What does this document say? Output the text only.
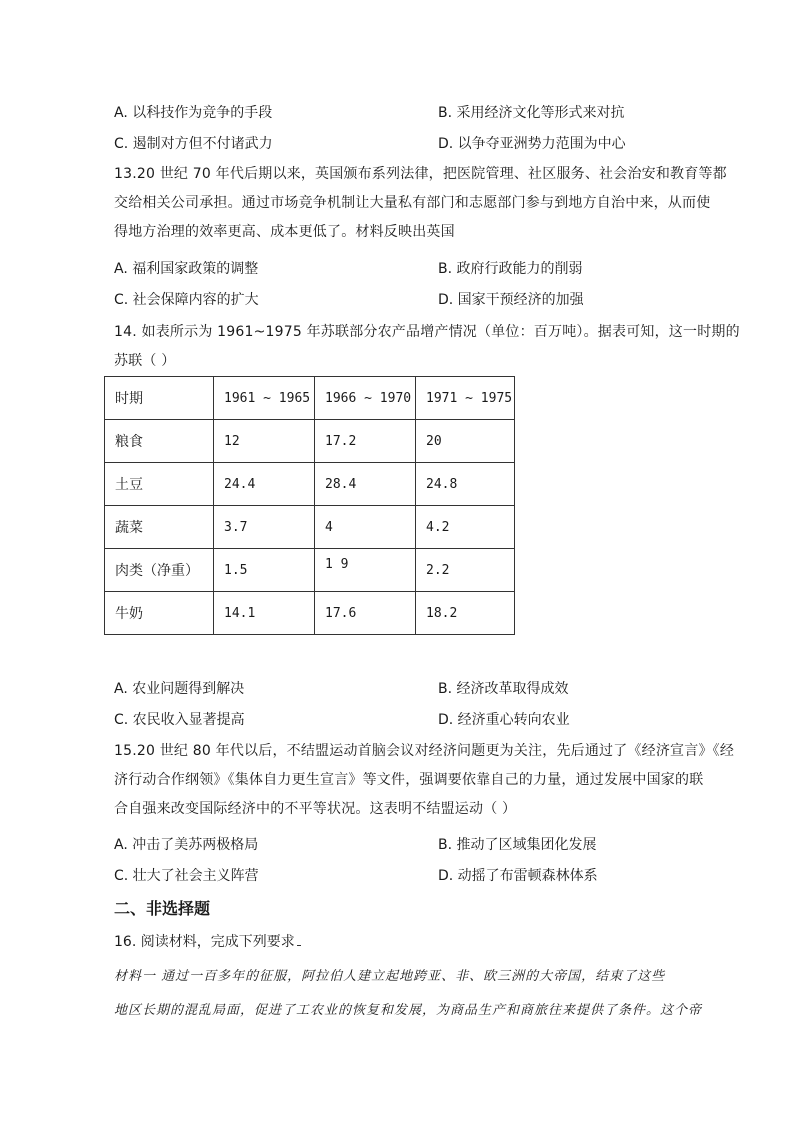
A. 以科技作为竞争的手段	B. 采用经济文化等形式来对抗
C. 遏制对方但不付诸武力	D. 以争夺亚洲势力范围为中心
13.20 世纪 70 年代后期以来，英国颁布系列法律，把医院管理、社区服务、社会治安和教育等都
交给相关公司承担。通过市场竞争机制让大量私有部门和志愿部门参与到地方自治中来，从而使
得地方治理的效率更高、成本更低了。材料反映出英国
A. 福利国家政策的调整	B. 政府行政能力的削弱
C. 社会保障内容的扩大	D. 国家干预经济的加强
14. 如表所示为 1961~1975 年苏联部分农产品增产情况（单位：百万吨）。据表可知，这一时期的
苏联（ ）
时期	1961 ~ 1965	1966 ~ 1970	1971 ~ 1975
粮食	12	17.2	20
土豆	24.4	28.4	24.8
蔬菜	3.7	4	4.2
肉类（净重）	1.5	1 9	2.2
牛奶	14.1	17.6	18.2
A. 农业问题得到解决	B. 经济改革取得成效
C. 农民收入显著提高	D. 经济重心转向农业
15.20 世纪 80 年代以后，不结盟运动首脑会议对经济问题更为关注，先后通过了《经济宣言》《经
济行动合作纲领》《集体自力更生宣言》等文件，强调要依靠自己的力量，通过发展中国家的联
合自强来改变国际经济中的不平等状况。这表明不结盟运动（ ）
A. 冲击了美苏两极格局	B. 推动了区域集团化发展
C. 壮大了社会主义阵营	D. 动摇了布雷顿森林体系
二、非选择题
16. 阅读材料，完成下列要求
材料一 通过一百多年的征服，阿拉伯人建立起地跨亚、非、欧三洲的大帝国，结束了这些
地区长期的混乱局面，促进了工农业的恢复和发展，为商品生产和商旅往来提供了条件。这个帝
